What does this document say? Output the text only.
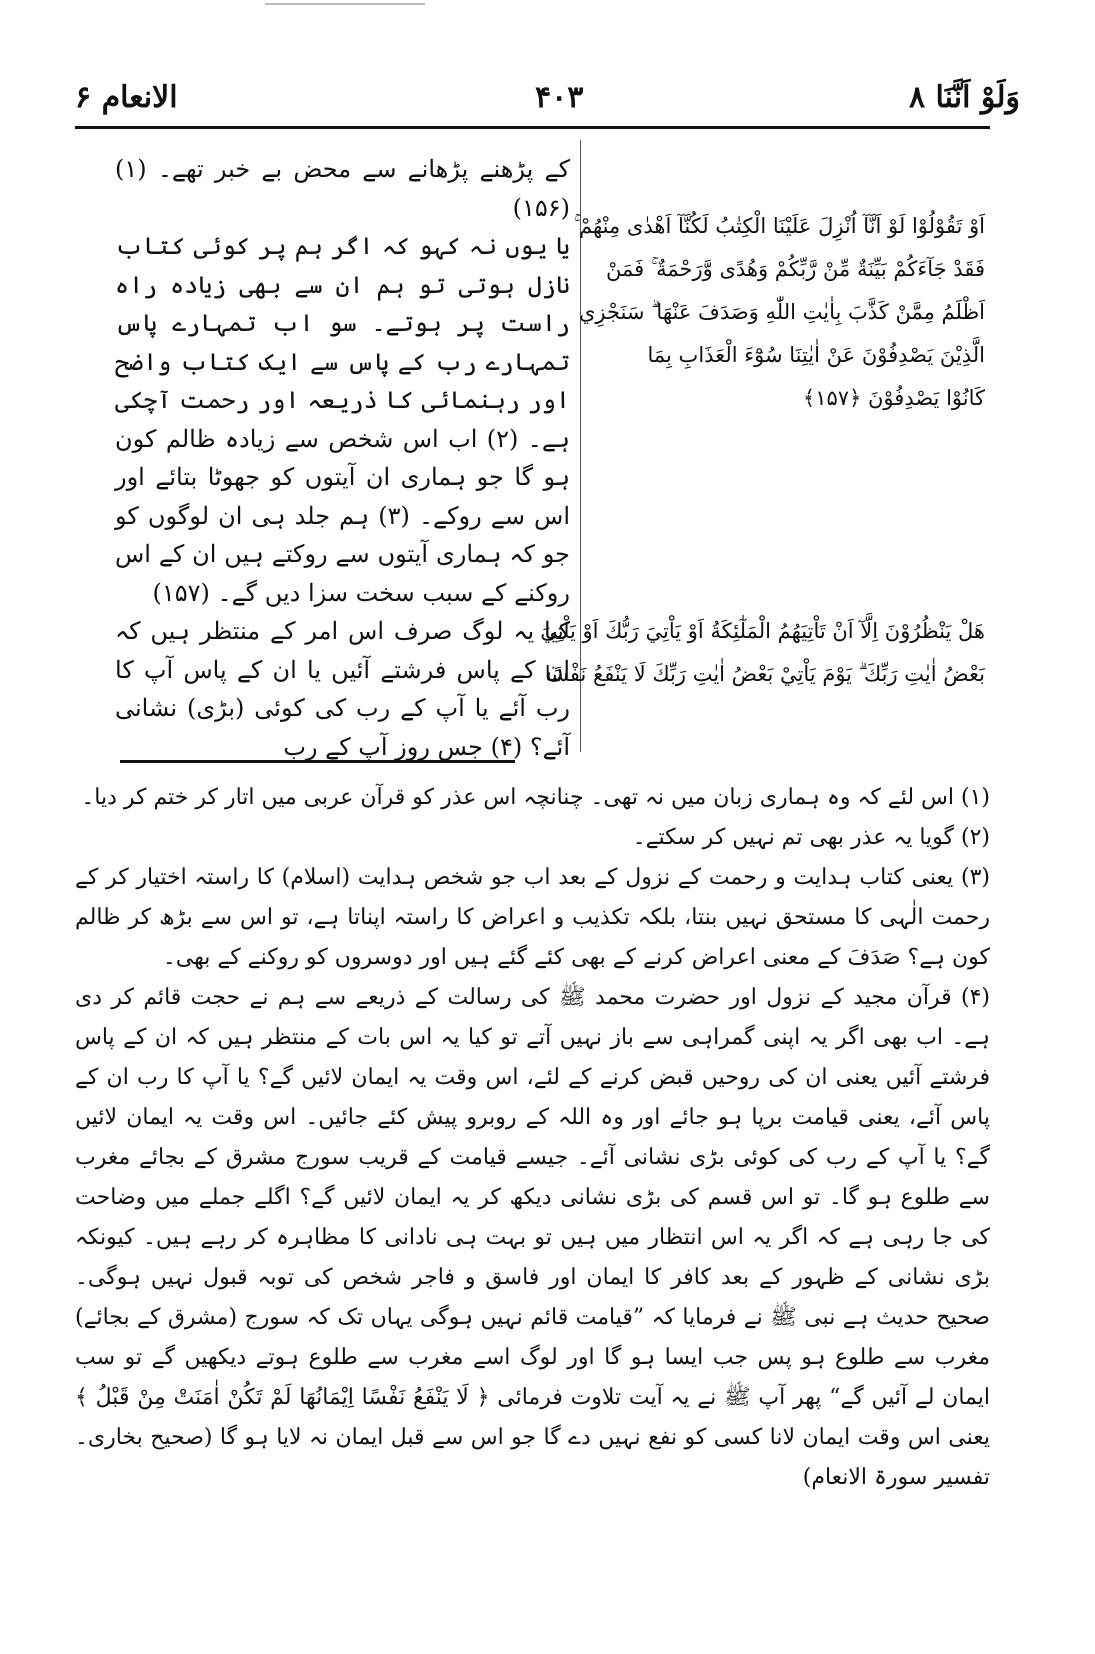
الانعام ۶	۴۰۳	وَلَوْ اَنَّنَا ۸

کے پڑھنے پڑھانے سے محض بے خبر تھے۔ (۱) (۱۵۶)

یا یوں نہ کہو کہ اگر ہم پر کوئی کتاب نازل ہوتی تو ہم ان سے بھی زیادہ راہ راست پر ہوتے۔ سو اب تمہارے پاس تمہارے رب کے پاس سے ایک کتاب واضح اور رہنمائی کا ذریعہ اور رحمت آچکی ہے۔ (۲) اب اس شخص سے زیادہ ظالم کون ہو گا جو ہماری ان آیتوں کو جھوٹا بتائے اور اس سے روکے۔ (۳) ہم جلد ہی ان لوگوں کو جو کہ ہماری آیتوں سے روکتے ہیں ان کے اس روکنے کے سبب سخت سزا دیں گے۔ (۱۵۷)

کیا یہ لوگ صرف اس امر کے منتظر ہیں کہ ان کے پاس فرشتے آئیں یا ان کے پاس آپ کا رب آئے یا آپ کے رب کی کوئی (بڑی) نشانی آئے؟ (۴) جس روز آپ کے رب

اَوْ تَقُوْلُوْا لَوْ اَنَّآ اُنْزِلَ عَلَيْنَا الْكِتٰبُ لَكُنَّآ اَهْدٰى مِنْهُمْ ۚ

فَقَدْ جَآءَكُمْ بَيِّنَةٌ مِّنْ رَّبِّكُمْ وَهُدًى وَّرَحْمَةٌ ۚ فَمَنْ

اَظْلَمُ مِمَّنْ كَذَّبَ بِاٰيٰتِ اللّٰهِ وَصَدَفَ عَنْهَا ۗ سَنَجْزِي

الَّذِيْنَ يَصْدِفُوْنَ عَنْ اٰيٰتِنَا سُوْٓءَ الْعَذَابِ بِمَا

كَانُوْا يَصْدِفُوْنَ ﴿۱۵۷﴾

هَلْ يَنْظُرُوْنَ اِلَّآ اَنْ تَاْتِيَهُمُ الْمَلٰٓئِكَةُ اَوْ يَاْتِيَ رَبُّكَ اَوْ يَاْتِيَ

بَعْضُ اٰيٰتِ رَبِّكَ ۗ يَوْمَ يَاْتِيْ بَعْضُ اٰيٰتِ رَبِّكَ لَا يَنْفَعُ نَفْسًا

(۱) اس لئے کہ وہ ہماری زبان میں نہ تھی۔ چنانچہ اس عذر کو قرآن عربی میں اتار کر ختم کر دیا۔

(۲) گویا یہ عذر بھی تم نہیں کر سکتے۔

(۳) یعنی کتاب ہدایت و رحمت کے نزول کے بعد اب جو شخص ہدایت (اسلام) کا راستہ اختیار کر کے رحمت الٰہی کا مستحق نہیں بنتا، بلکہ تکذیب و اعراض کا راستہ اپناتا ہے، تو اس سے بڑھ کر ظالم کون ہے؟ صَدَفَ کے معنی اعراض کرنے کے بھی کئے گئے ہیں اور دوسروں کو روکنے کے بھی۔

(۴) قرآن مجید کے نزول اور حضرت محمد ﷺ کی رسالت کے ذریعے سے ہم نے حجت قائم کر دی ہے۔ اب بھی اگر یہ اپنی گمراہی سے باز نہیں آتے تو کیا یہ اس بات کے منتظر ہیں کہ ان کے پاس فرشتے آئیں یعنی ان کی روحیں قبض کرنے کے لئے، اس وقت یہ ایمان لائیں گے؟ یا آپ کا رب ان کے پاس آئے، یعنی قیامت برپا ہو جائے اور وہ اللہ کے روبرو پیش کئے جائیں۔ اس وقت یہ ایمان لائیں گے؟ یا آپ کے رب کی کوئی بڑی نشانی آئے۔ جیسے قیامت کے قریب سورج مشرق کے بجائے مغرب سے طلوع ہو گا۔ تو اس قسم کی بڑی نشانی دیکھ کر یہ ایمان لائیں گے؟ اگلے جملے میں وضاحت کی جا رہی ہے کہ اگر یہ اس انتظار میں ہیں تو بہت ہی نادانی کا مظاہرہ کر رہے ہیں۔ کیونکہ بڑی نشانی کے ظہور کے بعد کافر کا ایمان اور فاسق و فاجر شخص کی توبہ قبول نہیں ہوگی۔ صحیح حدیث ہے نبی ﷺ نے فرمایا کہ ”قیامت قائم نہیں ہوگی یہاں تک کہ سورج (مشرق کے بجائے) مغرب سے طلوع ہو پس جب ایسا ہو گا اور لوگ اسے مغرب سے طلوع ہوتے دیکھیں گے تو سب ایمان لے آئیں گے“ پھر آپ ﷺ نے یہ آیت تلاوت فرمائی ﴿ لَا يَنْفَعُ نَفْسًا اِيْمَانُهَا لَمْ تَكُنْ اٰمَنَتْ مِنْ قَبْلُ ﴾ یعنی اس وقت ایمان لانا کسی کو نفع نہیں دے گا جو اس سے قبل ایمان نہ لایا ہو گا (صحیح بخاری۔ تفسیر سورۃ الانعام)
